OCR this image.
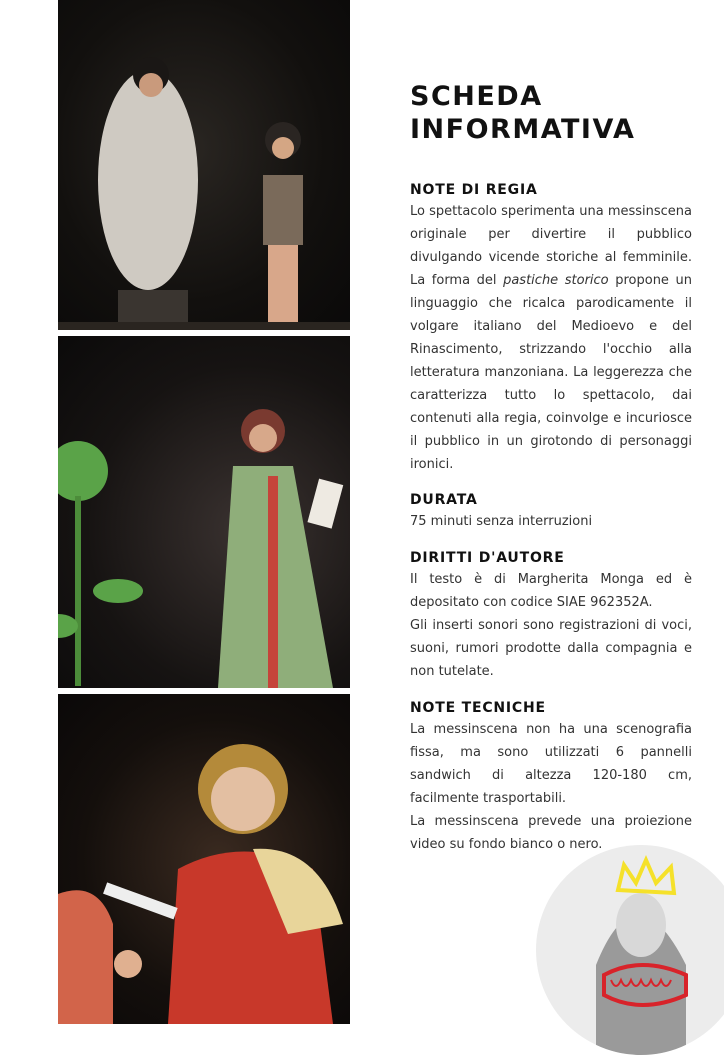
SCHEDA
INFORMATIVA
NOTE DI REGIA

Lo spettacolo sperimenta una messinscena originale per divertire il pubblico divulgando vicende storiche al femminile. La forma del pastiche storico propone un linguaggio che ricalca parodicamente il volgare italiano del Medioevo e del Rinascimento, strizzando l'occhio alla letteratura manzoniana. La leggerezza che caratterizza tutto lo spettacolo, dai contenuti alla regia, coinvolge e incuriosce il pubblico in un girotondo di personaggi ironici.

DURATA

75 minuti senza interruzioni

DIRITTI D'AUTORE

Il testo è di Margherita Monga ed è depositato con codice SIAE 962352A.

Gli inserti sonori sono registrazioni di voci, suoni, rumori prodotte dalla compagnia e non tutelate.

NOTE TECNICHE

La messinscena non ha una scenografia fissa, ma sono utilizzati 6 pannelli sandwich di altezza 120-180 cm, facilmente trasportabili.

La messinscena prevede una proiezione video su fondo bianco o nero.
